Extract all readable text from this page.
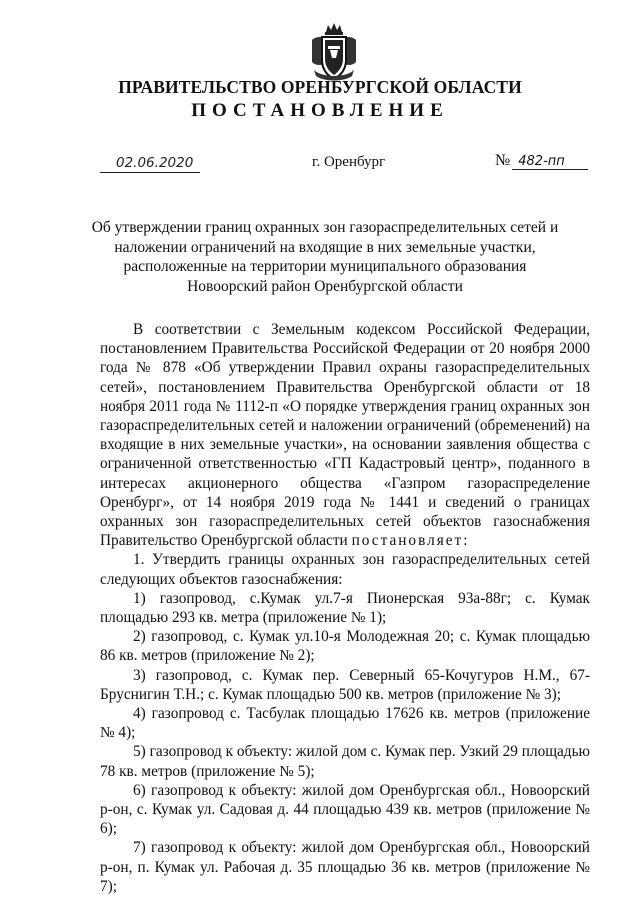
ПРАВИТЕЛЬСТВО ОРЕНБУРГСКОЙ ОБЛАСТИ
ПОСТАНОВЛЕНИЕ
02.06.2020	г. Оренбург	№ 482-пп
Об утверждении границ охранных зон газораспределительных сетей и
наложении ограничений на входящие в них земельные участки,
расположенные на территории муниципального образования
Новоорский район Оренбургской области

В соответствии с Земельным кодексом Российской Федерации, постановлением Правительства Российской Федерации от 20 ноября 2000 года № 878 «Об утверждении Правил охраны газораспределительных сетей», постановлением Правительства Оренбургской области от 18 ноября 2011 года № 1112-п «О порядке утверждения границ охранных зон газораспределительных сетей и наложении ограничений (обременений) на входящие в них земельные участки», на основании заявления общества с ограниченной ответственностью «ГП Кадастровый центр», поданного в интересах акционерного общества «Газпром газораспределение Оренбург», от 14 ноября 2019 года № 1441 и сведений о границах охранных зон газораспределительных сетей объектов газоснабжения Правительство Оренбургской области постановляет:

1. Утвердить границы охранных зон газораспределительных сетей следующих объектов газоснабжения:

1) газопровод, с.Кумак ул.7-я Пионерская 93а-88г; с. Кумак площадью 293 кв. метра (приложение № 1);

2) газопровод, с. Кумак ул.10-я Молодежная 20; с. Кумак площадью 86 кв. метров (приложение № 2);

3) газопровод, с. Кумак пер. Северный 65-Кочугуров Н.М., 67-Бруснигин Т.Н.; с. Кумак площадью 500 кв. метров (приложение № 3);

4) газопровод с. Тасбулак площадью 17626 кв. метров (приложение № 4);

5) газопровод к объекту: жилой дом с. Кумак пер. Узкий 29 площадью 78 кв. метров (приложение № 5);

6) газопровод к объекту: жилой дом Оренбургская обл., Новоорский р-он, с. Кумак ул. Садовая д. 44 площадью 439 кв. метров (приложение № 6);

7) газопровод к объекту: жилой дом Оренбургская обл., Новоорский р-он, п. Кумак ул. Рабочая д. 35 площадью 36 кв. метров (приложение № 7);
